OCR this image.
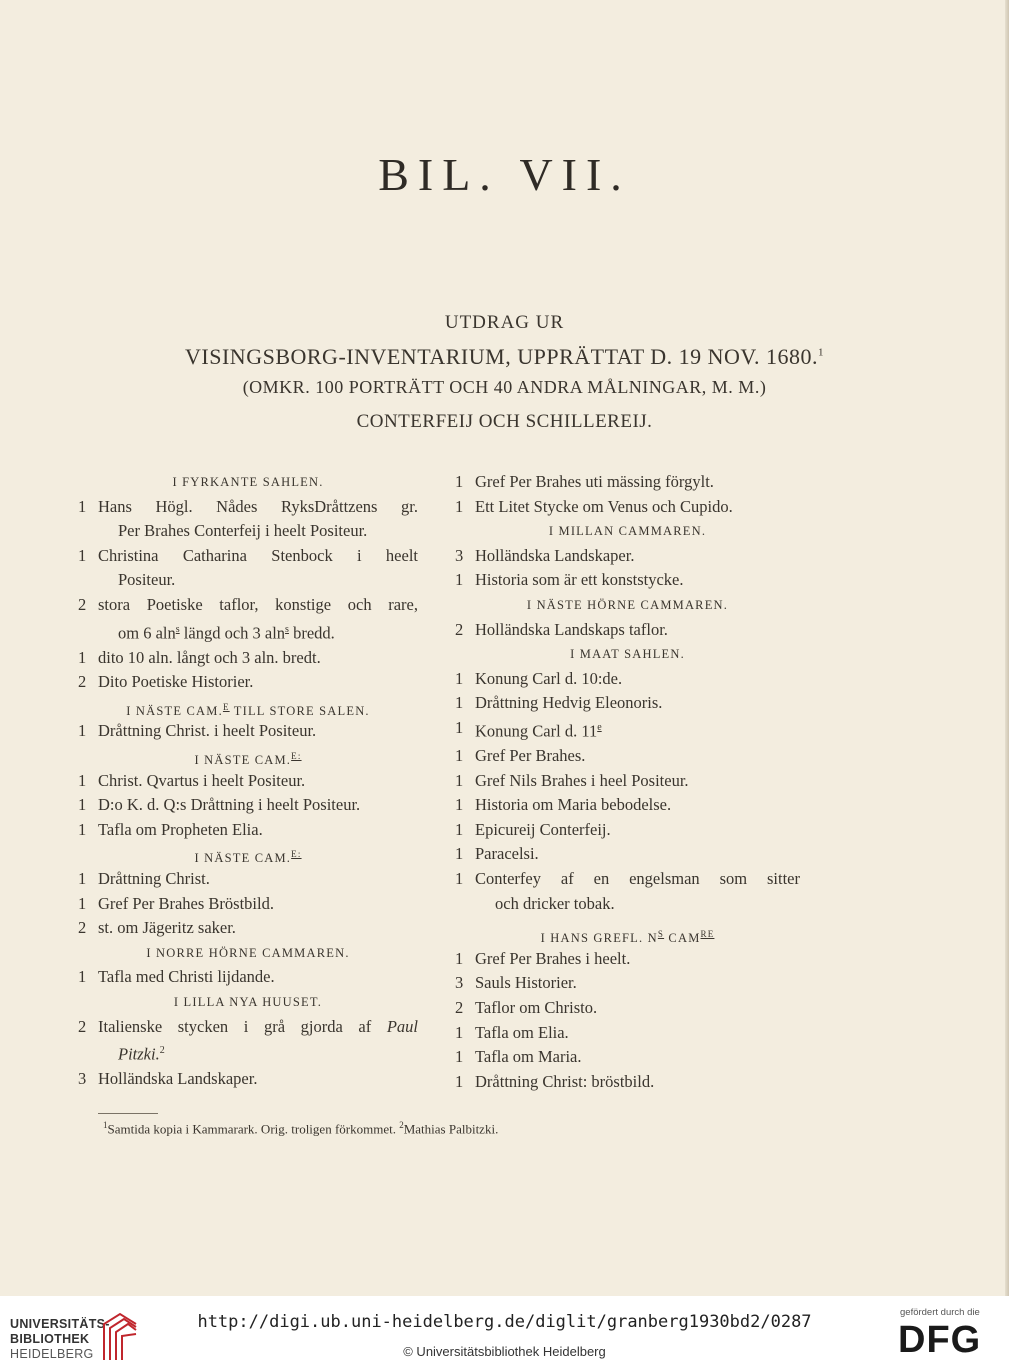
BIL. VII.
UTDRAG UR
VISINGSBORG-INVENTARIUM, UPPRÄTTAT D. 19 NOV. 1680.$^1$
(OMKR. 100 PORTRÄTT OCH 40 ANDRA MÅLNINGAR, M. M.)
CONTERFEIJ OCH SCHILLEREIJ.
I FYRKANTE SAHLEN.
1 Hans Högl. Nådes RyksDråttzens gr.
Per Brahes Conterfeij i heelt Positeur.
1 Christina Catharina Stenbock i heelt
Positeur.
2 stora Poetiske taflor, konstige och rare,
om 6 aln$^s$ längd och 3 aln$^s$ bredd.
1 dito 10 aln. långt och 3 aln. bredt.
2 Dito Poetiske Historier.
I NÄSTE CAM.$^E$ TILL STORE SALEN.
1 Dråttning Christ. i heelt Positeur.
I NÄSTE CAM.$^{E:}$
1 Christ. Qvartus i heelt Positeur.
1 D:o K. d. Q:s Dråttning i heelt Positeur.
1 Tafla om Propheten Elia.
I NÄSTE CAM.$^{E:}$
1 Dråttning Christ.
1 Gref Per Brahes Bröstbild.
2 st. om Jägeritz saker.
I NORRE HÖRNE CAMMAREN.
1 Tafla med Christi lijdande.
I LILLA NYA HUUSET.
2 Italienske stycken i grå gjorda af Paul
Pitzki.$^2$
3 Holländska Landskaper.
1 Gref Per Brahes uti mässing förgylt.
1 Ett Litet Stycke om Venus och Cupido.
I MILLAN CAMMAREN.
3 Holländska Landskaper.
1 Historia som är ett konststycke.
I NÄSTE HÖRNE CAMMAREN.
2 Holländska Landskaps taflor.
I MAAT SAHLEN.
1 Konung Carl d. 10:de.
1 Dråttning Hedvig Eleonoris.
1 Konung Carl d. 11e
1 Gref Per Brahes.
1 Gref Nils Brahes i heel Positeur.
1 Historia om Maria bebodelse.
1 Epicureij Conterfeij.
1 Paracelsi.
1 Conterfey af en engelsman som sitter
och dricker tobak.
I HANS GREFL. $N^S$ $CAM^{RE}$
1 Gref Per Brahes i heelt.
3 Sauls Historier.
2 Taflor om Christo.
1 Tafla om Elia.
1 Tafla om Maria.
1 Dråttning Christ: bröstbild.
$^1$Samtida kopia i Kammarark. Orig. troligen förkommet. $^2$Mathias Palbitzki.
UNIVERSITÄTS-
BIBLIOTHEK
HEIDELBERG
http://digi.ub.uni-heidelberg.de/diglit/granberg1930bd2/0287
© Universitätsbibliothek Heidelberg
gefördert durch die
DFG
